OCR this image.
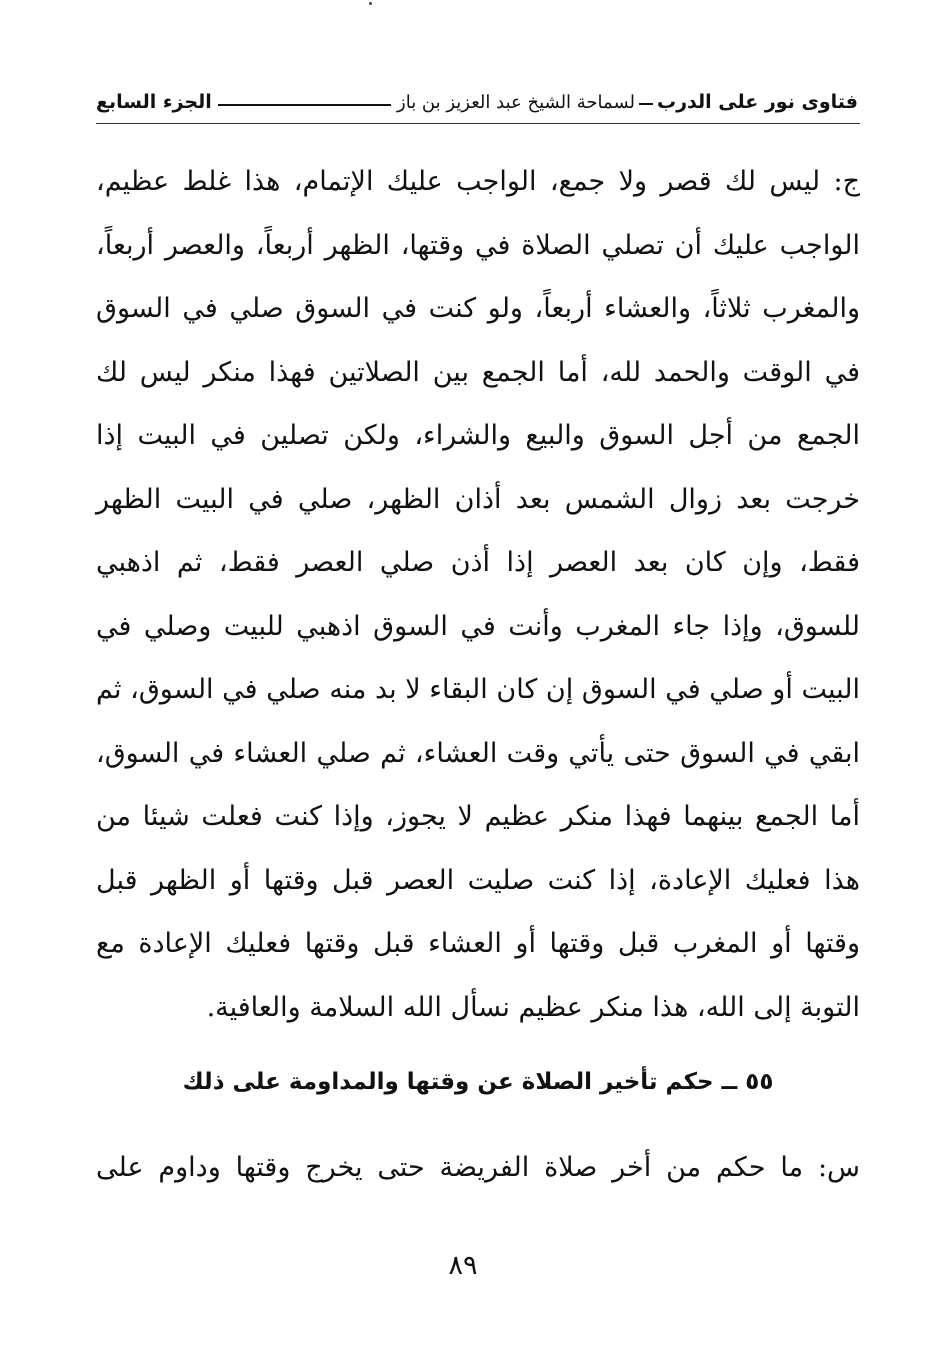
فتاوى نور على الدرب
لسماحة الشيخ عبد العزيز بن باز
الجزء السابع

ج: ليس لك قصر ولا جمع، الواجب عليك الإتمام، هذا غلط عظيم، الواجب عليك أن تصلي الصلاة في وقتها، الظهر أربعاً، والعصر أربعاً، والمغرب ثلاثاً، والعشاء أربعاً، ولو كنت في السوق صلي في السوق في الوقت والحمد لله، أما الجمع بين الصلاتين فهذا منكر ليس لك الجمع من أجل السوق والبيع والشراء، ولكن تصلين في البيت إذا خرجت بعد زوال الشمس بعد أذان الظهر، صلي في البيت الظهر فقط، وإن كان بعد العصر إذا أذن صلي العصر فقط، ثم اذهبي للسوق، وإذا جاء المغرب وأنت في السوق اذهبي للبيت وصلي في البيت أو صلي في السوق إن كان البقاء لا بد منه صلي في السوق، ثم ابقي في السوق حتى يأتي وقت العشاء، ثم صلي العشاء في السوق، أما الجمع بينهما فهذا منكر عظيم لا يجوز، وإذا كنت فعلت شيئا من هذا فعليك الإعادة، إذا كنت صليت العصر قبل وقتها أو الظهر قبل وقتها أو المغرب قبل وقتها أو العشاء قبل وقتها فعليك الإعادة مع التوبة إلى الله، هذا منكر عظيم نسأل الله السلامة والعافية.

٥٥ ــ حكم تأخير الصلاة عن وقتها والمداومة على ذلك

س: ما حكم من أخر صلاة الفريضة حتى يخرج وقتها وداوم على

٨٩
